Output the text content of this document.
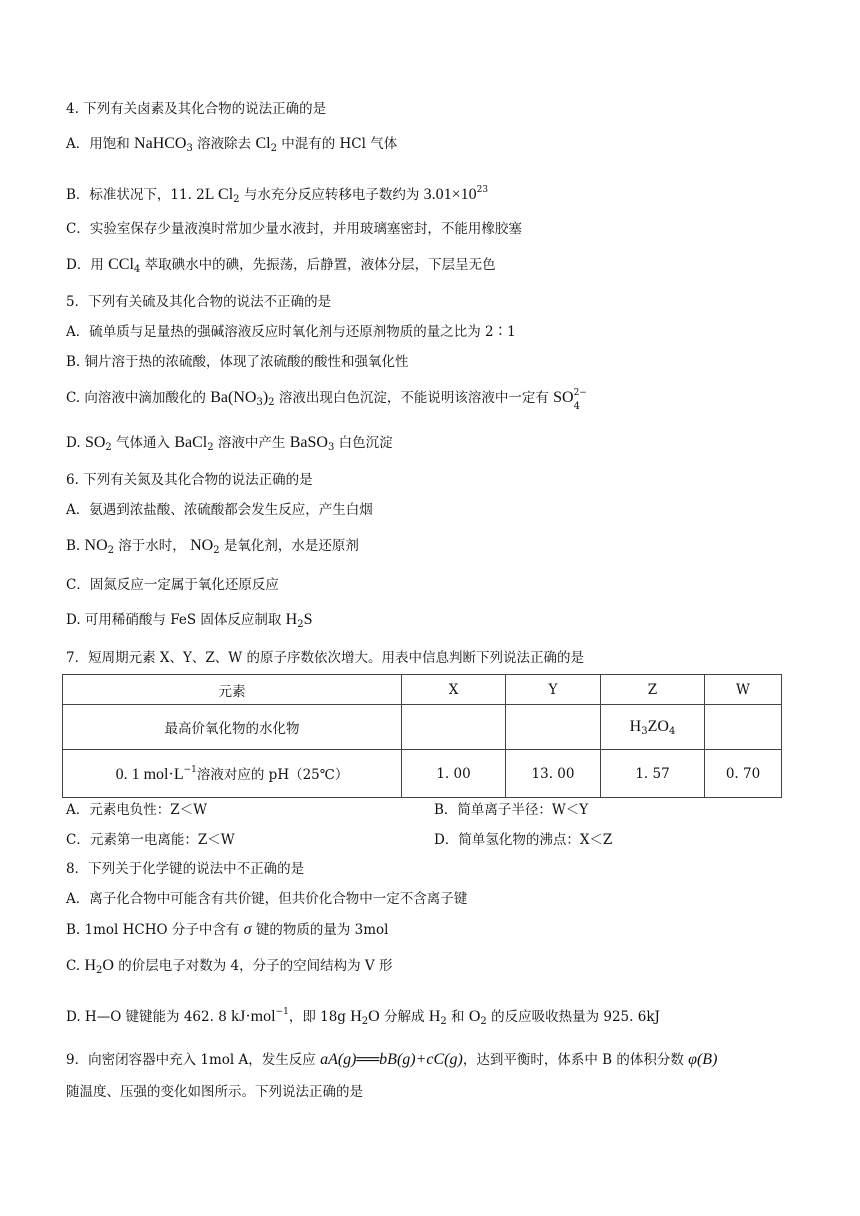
4. 下列有关卤素及其化合物的说法正确的是
A．用饱和 NaHCO$_3$ 溶液除去 $Cl_2$ 中混有的 HCl 气体
B．标准状况下，11. 2L $Cl_2$ 与水充分反应转移电子数约为 $3.01\times 10^{23}$
C．实验室保存少量液溴时常加少量水液封，并用玻璃塞密封，不能用橡胶塞
D．用 CCl$_4$ 萃取碘水中的碘，先振荡，后静置，液体分层，下层呈无色
5．下列有关硫及其化合物的说法不正确的是
A．硫单质与足量热的强碱溶液反应时氧化剂与还原剂物质的量之比为 2∶1
B. 铜片溶于热的浓硫酸，体现了浓硫酸的酸性和强氧化性
C. 向溶液中滴加酸化的 $Ba(NO_3)_2$ 溶液出现白色沉淀，不能说明该溶液中一定有 SO 2−
4
D. $SO_2$ 气体通入 BaCl$_2$ 溶液中产生 BaSO$_3$ 白色沉淀
6. 下列有关氮及其化合物的说法正确的是
A．氨遇到浓盐酸、浓硫酸都会发生反应，产生白烟
B. $NO_2$ 溶于水时， $NO_2$ 是氧化剂，水是还原剂
C．固氮反应一定属于氧化还原反应
D. 可用稀硝酸与 FeS 固体反应制取 $H_2S$
7．短周期元素 X、Y、Z、W 的原子序数依次增大。用表中信息判断下列说法正确的是
元素	X	Y	Z	W
最高价氧化物的水化物			$H_3ZO_4$	
0. 1 $mol\cdot L^{-1}$溶液对应的 pH（25℃）	1. 00	13. 00	1. 57	0. 70
A．元素电负性：Z＜W	B．简单离子半径：W＜Y
C．元素第一电离能：Z＜W	D．简单氢化物的沸点：X＜Z
8．下列关于化学键的说法中不正确的是
A．离子化合物中可能含有共价键，但共价化合物中一定不含离子键
B. 1mol HCHO 分子中含有 σ 键的物质的量为 3mol
C. $H_2O$ 的价层电子对数为 4，分子的空间结构为 V 形
D. H—O 键键能为 462. 8 kJ·mol$^{-1}$，即 18g $H_2O$ 分解成 $H_2$ 和 $O_2$ 的反应吸收热量为 925. 6kJ
9．向密闭容器中充入 1mol A，发生反应 aA(g)══bB(g)+cC(g)，达到平衡时，体系中 B 的体积分数 φ(B)
随温度、压强的变化如图所示。下列说法正确的是
